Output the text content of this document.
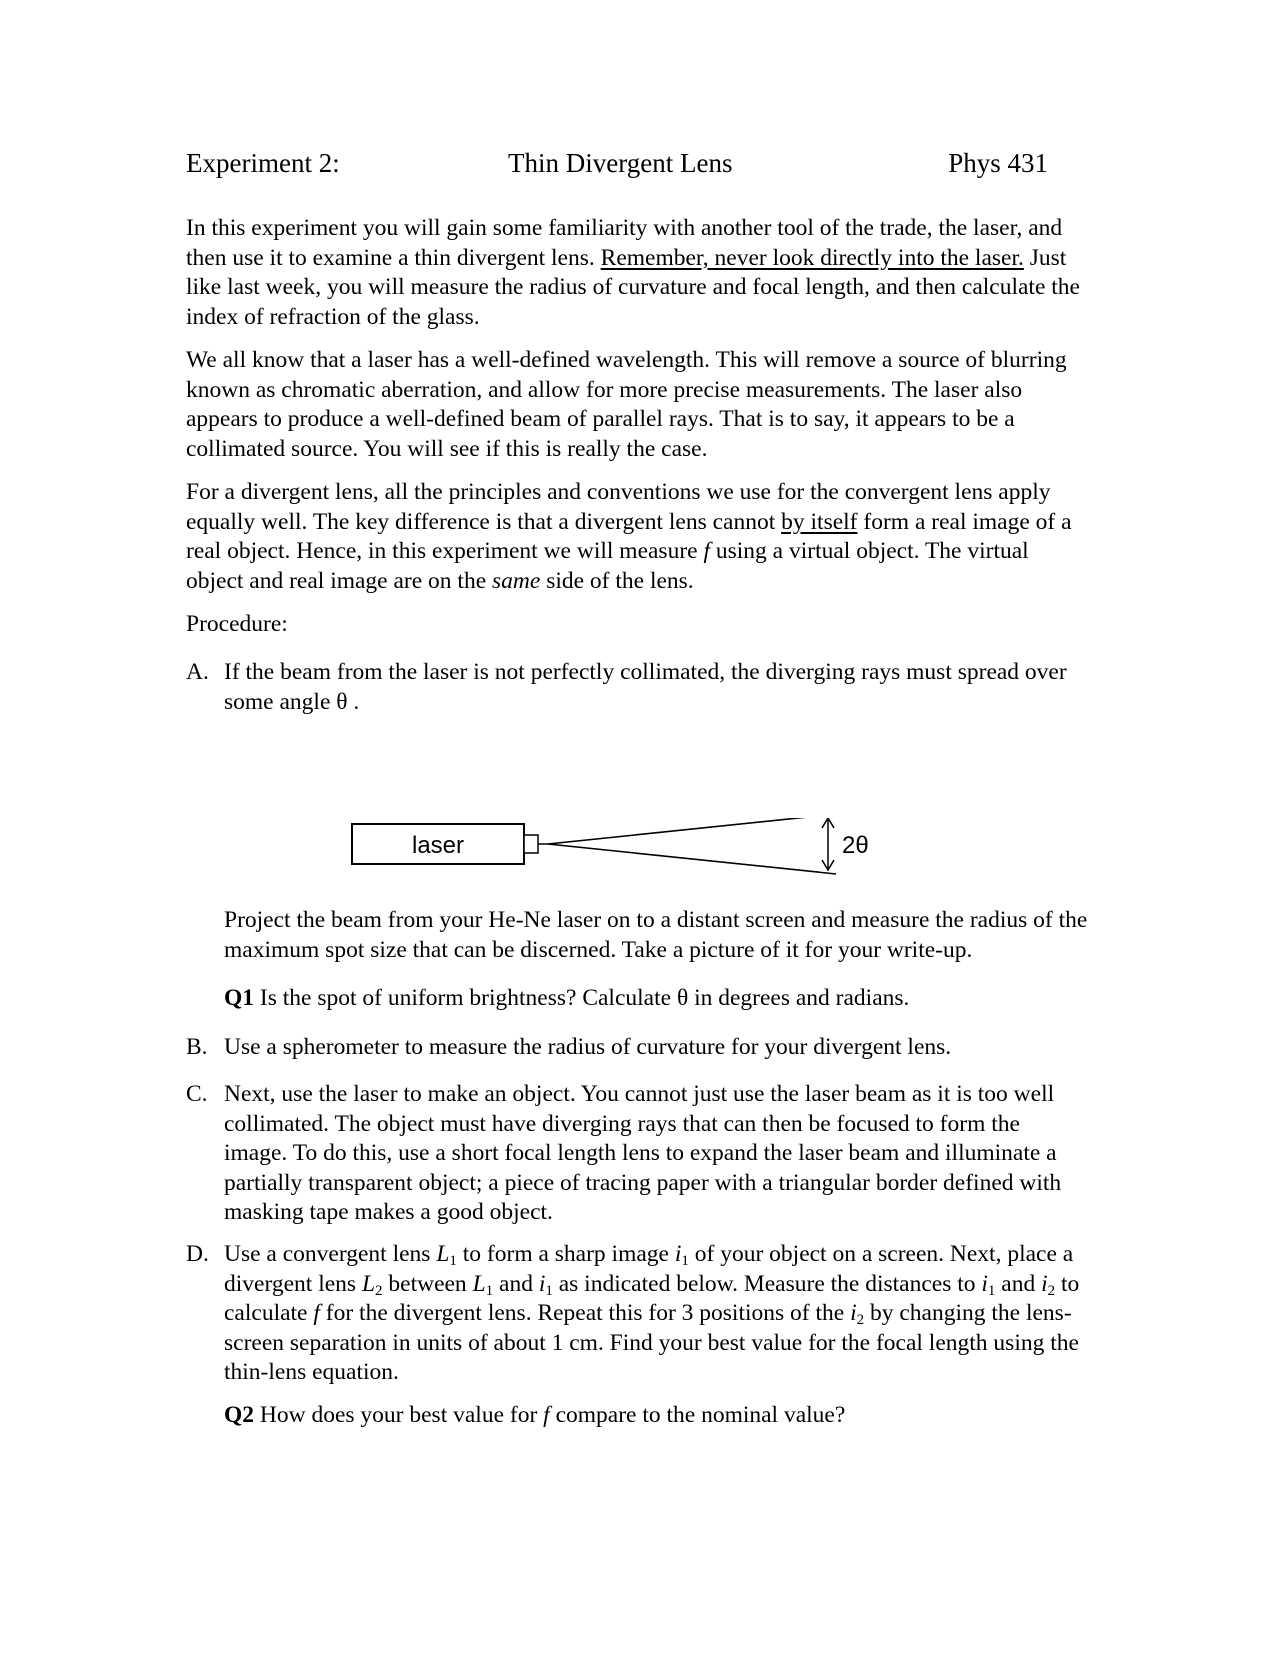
Experiment 2:	Thin Divergent Lens	Phys 431

In this experiment you will gain some familiarity with another tool of the trade, the laser, and then use it to examine a thin divergent lens. Remember, never look directly into the laser. Just like last week, you will measure the radius of curvature and focal length, and then calculate the index of refraction of the glass.

We all know that a laser has a well-defined wavelength. This will remove a source of blurring known as chromatic aberration, and allow for more precise measurements. The laser also appears to produce a well-defined beam of parallel rays. That is to say, it appears to be a collimated source. You will see if this is really the case.

For a divergent lens, all the principles and conventions we use for the convergent lens apply equally well. The key difference is that a divergent lens cannot by itself form a real image of a real object. Hence, in this experiment we will measure f using a virtual object. The virtual object and real image are on the same side of the lens.

Procedure:

A. If the beam from the laser is not perfectly collimated, the diverging rays must spread over some angle θ .
laser	2θ

Project the beam from your He-Ne laser on to a distant screen and measure the radius of the maximum spot size that can be discerned. Take a picture of it for your write-up.

Q1 Is the spot of uniform brightness? Calculate θ in degrees and radians.

B. Use a spherometer to measure the radius of curvature for your divergent lens.
C. Next, use the laser to make an object. You cannot just use the laser beam as it is too well collimated. The object must have diverging rays that can then be focused to form the image. To do this, use a short focal length lens to expand the laser beam and illuminate a partially transparent object; a piece of tracing paper with a triangular border defined with masking tape makes a good object.
D. Use a convergent lens $L_1$ to form a sharp image $i_1$ of your object on a screen. Next, place a divergent lens $L_2$ between $L_1$ and $i_1$ as indicated below. Measure the distances to $i_1$ and $i_2$ to calculate f for the divergent lens. Repeat this for 3 positions of the $i_2$ by changing the lens-screen separation in units of about 1 cm. Find your best value for the focal length using the thin-lens equation.

Q2 How does your best value for f compare to the nominal value?
